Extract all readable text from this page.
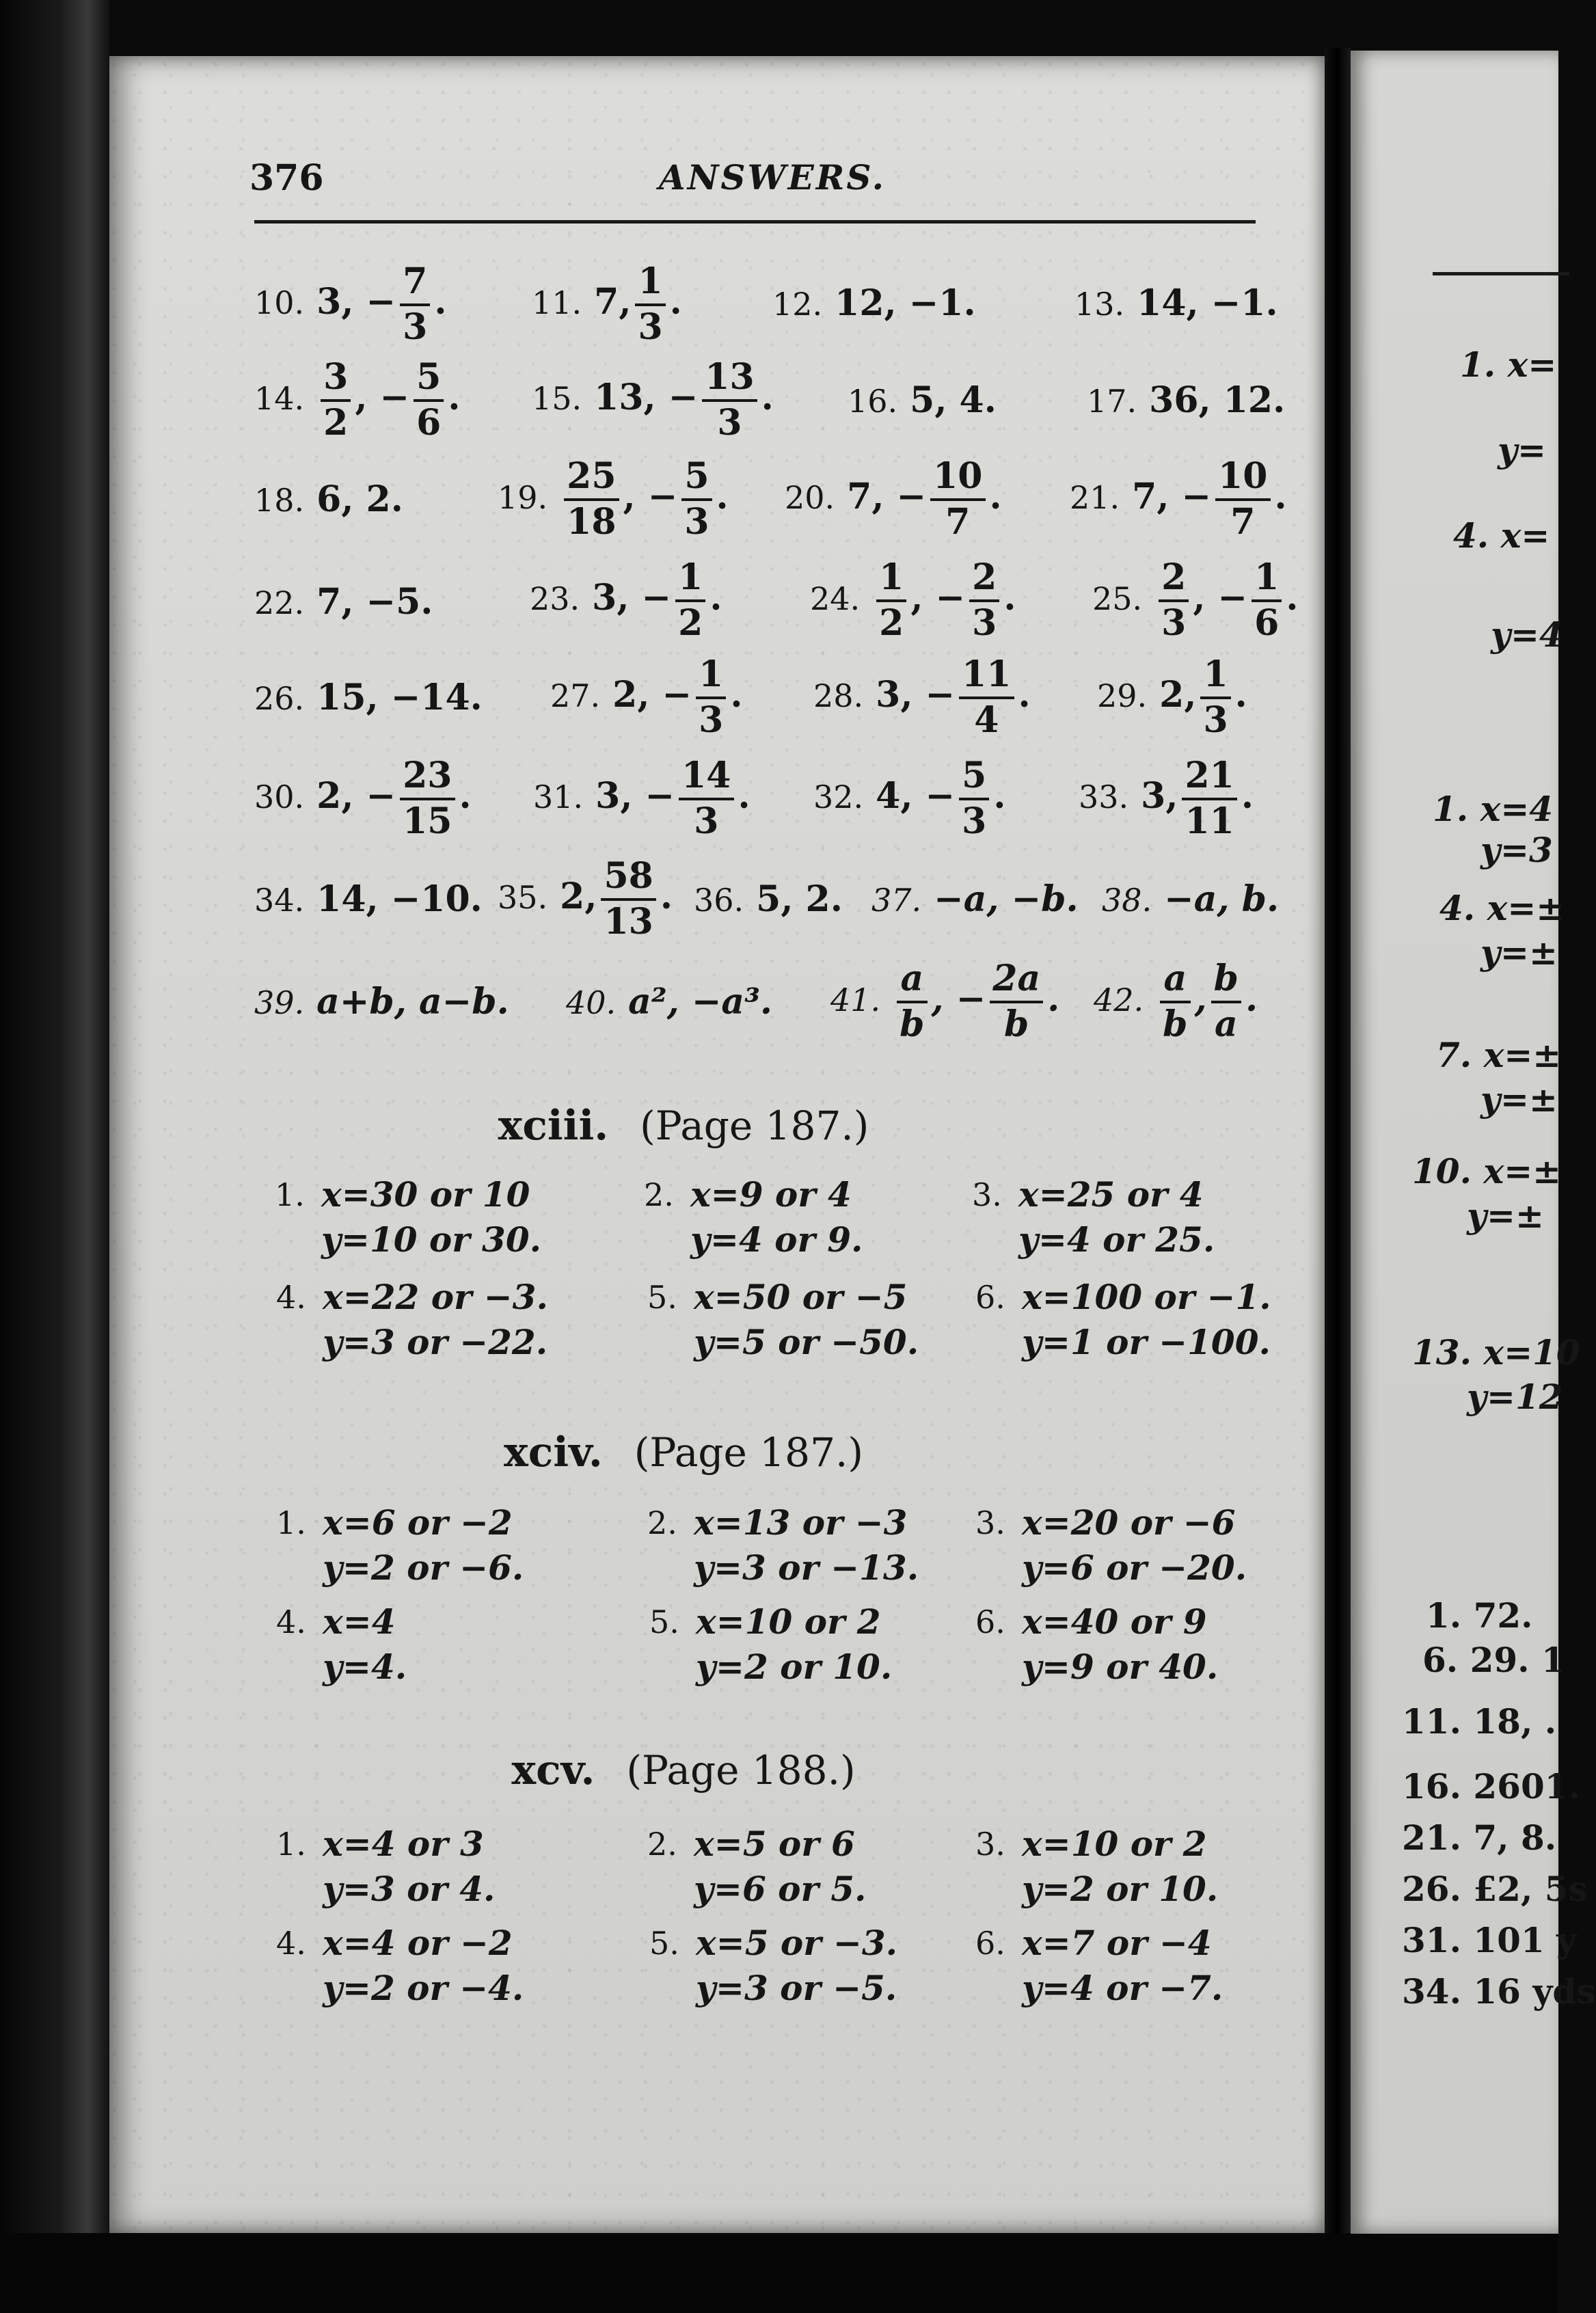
376	ANSWERS.
10. 3, − $\frac{7}{3}$ .	11. 7, $\frac{1}{3}$ .	12. 12, −1.	13. 14, −1.
14. $\frac{3}{2}$ , − $\frac{5}{6}$ . 15. 13, − $\frac{13}{3}$ . 16. 5, 4.	17. 36, 12.
18. 6, 2.	19. $\frac{25}{18}$ , − $\frac{5}{3}$ . 20. 7, − $\frac{10}{7}$ . 21. 7, − $\frac{10}{7}$ .
22. 7, −5.	23. 3, − $\frac{1}{2}$ .	24. $\frac{1}{2}$ , − $\frac{2}{3}$ . 25. $\frac{2}{3}$ , − $\frac{1}{6}$ .
26. 15, −14. 27. 2, − $\frac{1}{3}$ . 28. 3, − $\frac{11}{4}$ . 29. 2, $\frac{1}{3}$ .
30. 2, − $\frac{23}{15}$ . 31. 3, − $\frac{14}{3}$ . 32. 4, − $\frac{5}{3}$ . 33. 3, $\frac{21}{11}$ .
34. 14, −10. 35. 2, $\frac{58}{13}$ . 36. 5, 2. 37. −a, −b. 38. −a, b.
39. a+b, a−b. 40. a², −a³. 41. $\frac{a}{b}$ , − $\frac{2a}{b}$ . 42. $\frac{a}{b}$ , $\frac{b}{a}$ .
xciii. (Page 187.)
1. x=30 or 10
y=10 or 30.
2. x=9 or 4
y=4 or 9.
3. x=25 or 4
y=4 or 25.
4. x=22 or −3.
y=3 or −22.
5. x=50 or −5
y=5 or −50.
6. x=100 or −1.
y=1 or −100.
xciv. (Page 187.)
1. x=6 or −2
y=2 or −6.
2. x=13 or −3
y=3 or −13.
3. x=20 or −6
y=6 or −20.
4. x=4
y=4.
5. x=10 or 2
y=2 or 10.
6. x=40 or 9
y=9 or 40.
xcv. (Page 188.)
1. x=4 or 3
y=3 or 4.
2. x=5 or 6
y=6 or 5.
3. x=10 or 2
y=2 or 10.
4. x=4 or −2
y=2 or −4.
5. x=5 or −3.
y=3 or −5.
6. x=7 or −4
y=4 or −7.
1. x=
y=
4. x=
y=4
1. x=4
y=3
4. x=±
y=±
7. x=±
y=±
10. x=±
y=±
13. x=10
y=12
1. 72.
6. 29. 1
11. 18, .
16. 2601.
21. 7, 8.
26. £2, 5s
31. 101 y
34. 16 yds
